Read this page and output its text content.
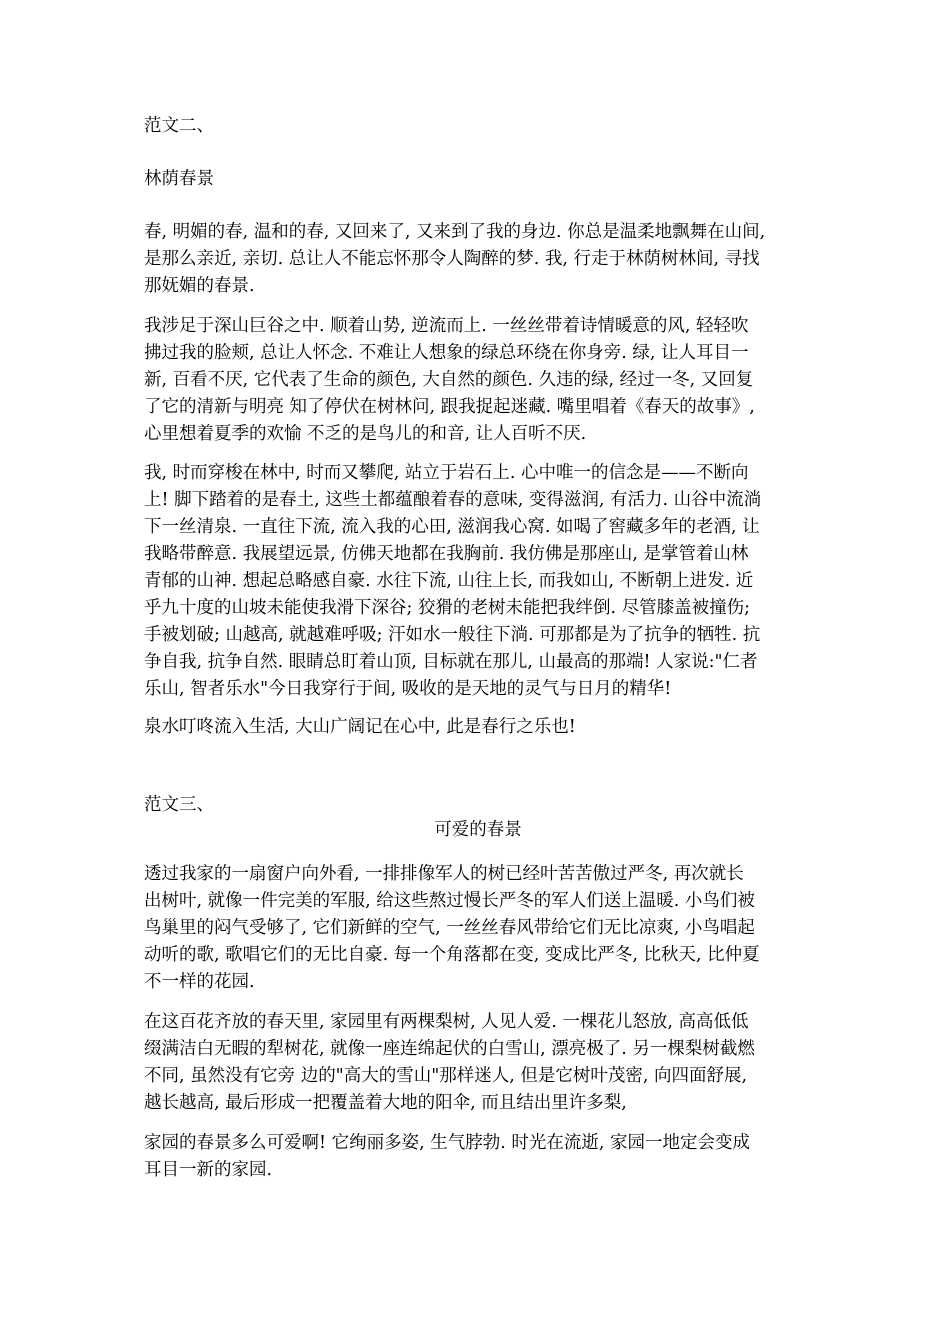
范文二、

林荫春景

春, 明媚的春, 温和的春, 又回来了, 又来到了我的身边. 你总是温柔地飘舞在山间,
是那么亲近, 亲切. 总让人不能忘怀那令人陶醉的梦. 我, 行走于林荫树林间, 寻找
那妩媚的春景.
我涉足于深山巨谷之中. 顺着山势, 逆流而上. 一丝丝带着诗情暖意的风, 轻轻吹
拂过我的脸颊, 总让人怀念. 不难让人想象的绿总环绕在你身旁. 绿, 让人耳目一
新, 百看不厌, 它代表了生命的颜色, 大自然的颜色. 久违的绿, 经过一冬, 又回复
了它的清新与明亮 知了停伏在树林问, 跟我捉起迷藏. 嘴里唱着《春天的故事》,
心里想着夏季的欢愉 不乏的是鸟儿的和音, 让人百听不厌.
我, 时而穿梭在林中, 时而又攀爬, 站立于岩石上. 心中唯一的信念是——不断向
上! 脚下踏着的是春土, 这些土都蕴酿着春的意味, 变得滋润, 有活力. 山谷中流淌
下一丝清泉. 一直往下流, 流入我的心田, 滋润我心窝. 如喝了窖藏多年的老酒, 让
我略带醉意. 我展望远景, 仿佛天地都在我胸前. 我仿佛是那座山, 是掌管着山林
青郁的山神. 想起总略感自豪. 水往下流, 山往上长, 而我如山, 不断朝上进发. 近
乎九十度的山坡未能使我滑下深谷; 狡猾的老树未能把我绊倒. 尽管膝盖被撞伤;
手被划破; 山越高, 就越难呼吸; 汗如水一般往下淌. 可那都是为了抗争的牺牲. 抗
争自我, 抗争自然. 眼睛总盯着山顶, 目标就在那儿, 山最高的那端! 人家说:"仁者
乐山, 智者乐水"今日我穿行于间, 吸收的是天地的灵气与日月的精华!
泉水叮咚流入生活, 大山广阔记在心中, 此是春行之乐也!

范文三、

可爱的春景

透过我家的一扇窗户向外看, 一排排像军人的树已经叶苦苦傲过严冬, 再次就长
出树叶, 就像一件完美的军服, 给这些熬过慢长严冬的军人们送上温暖. 小鸟们被
鸟巢里的闷气受够了, 它们新鲜的空气, 一丝丝春风带给它们无比凉爽, 小鸟唱起
动听的歌, 歌唱它们的无比自豪. 每一个角落都在变, 变成比严冬, 比秋天, 比仲夏
不一样的花园.
在这百花齐放的春天里, 家园里有两棵梨树, 人见人爱. 一棵花儿怒放, 高高低低
缀满洁白无暇的犁树花, 就像一座连绵起伏的白雪山, 漂亮极了. 另一棵梨树截燃
不同, 虽然没有它旁 边的"高大的雪山"那样迷人, 但是它树叶茂密, 向四面舒展,
越长越高, 最后形成一把覆盖着大地的阳伞, 而且结出里许多梨,
家园的春景多么可爱啊! 它绚丽多姿, 生气脖勃. 时光在流逝, 家园一地定会变成
耳目一新的家园.
